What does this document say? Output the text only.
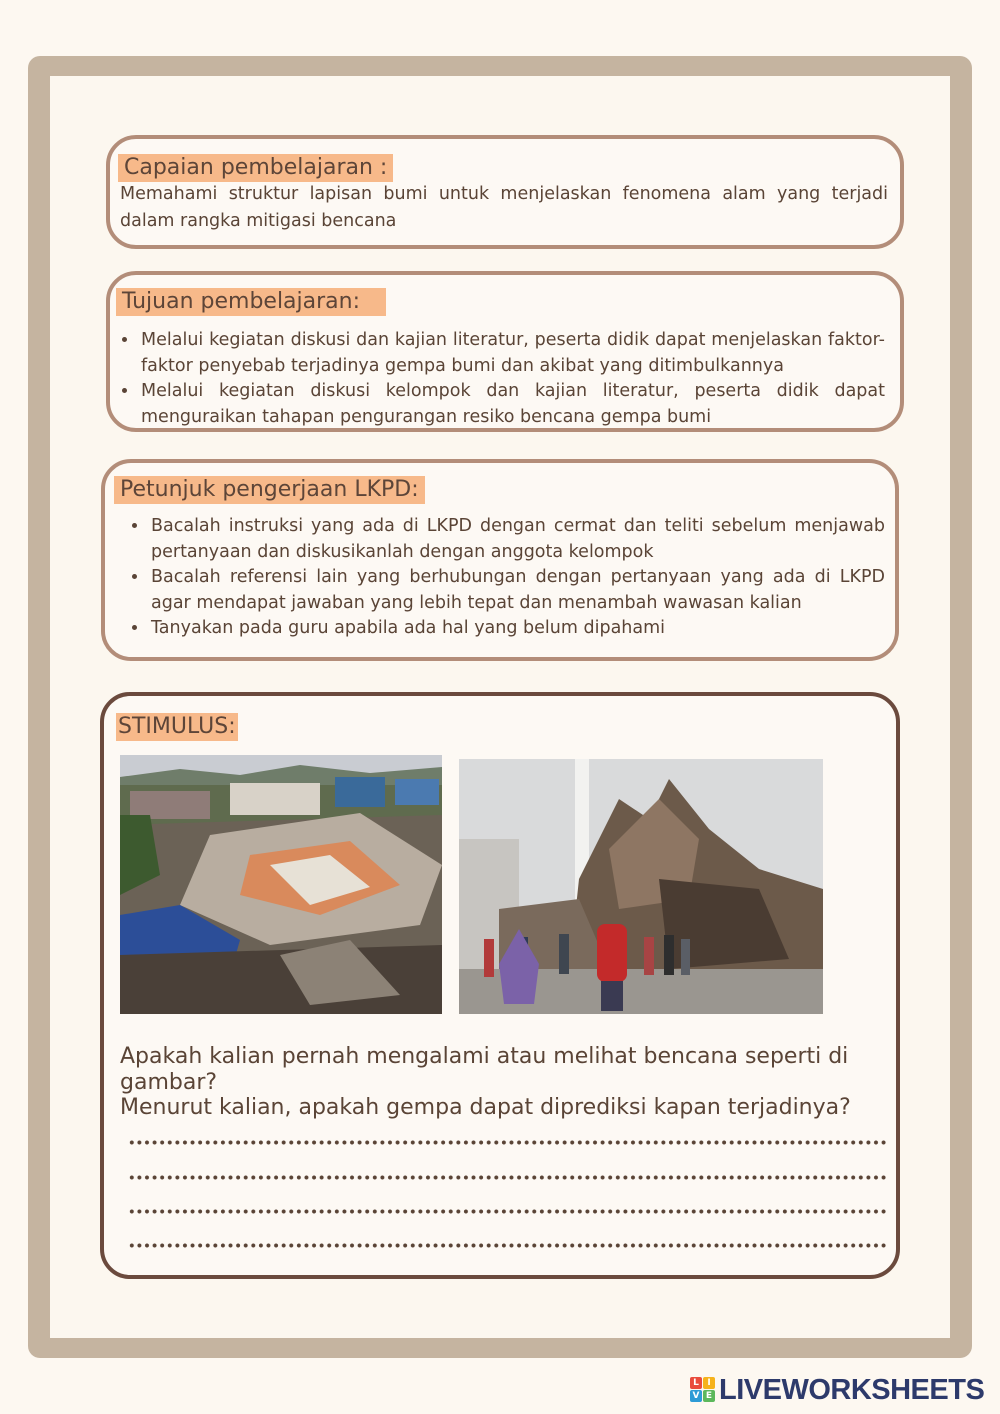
Capaian pembelajaran :

Memahami struktur lapisan bumi untuk menjelaskan fenomena alam yang terjadi dalam rangka mitigasi bencana

Tujuan pembelajaran:
• Melalui kegiatan diskusi dan kajian literatur, peserta didik dapat menjelaskan faktor-faktor penyebab terjadinya gempa bumi dan akibat yang ditimbulkannya
• Melalui kegiatan diskusi kelompok dan kajian literatur, peserta didik dapat menguraikan tahapan pengurangan resiko bencana gempa bumi
Petunjuk pengerjaan LKPD:
• Bacalah instruksi yang ada di LKPD dengan cermat dan teliti sebelum menjawab pertanyaan dan diskusikanlah dengan anggota kelompok
• Bacalah referensi lain yang berhubungan dengan pertanyaan yang ada di LKPD agar mendapat jawaban yang lebih tepat dan menambah wawasan kalian
• Tanyakan pada guru apabila ada hal yang belum dipahami
STIMULUS:

Apakah kalian pernah mengalami atau melihat bencana seperti di gambar?

Menurut kalian, apakah gempa dapat diprediksi kapan terjadinya?

L I
V E LIVEWORKSHEETS
